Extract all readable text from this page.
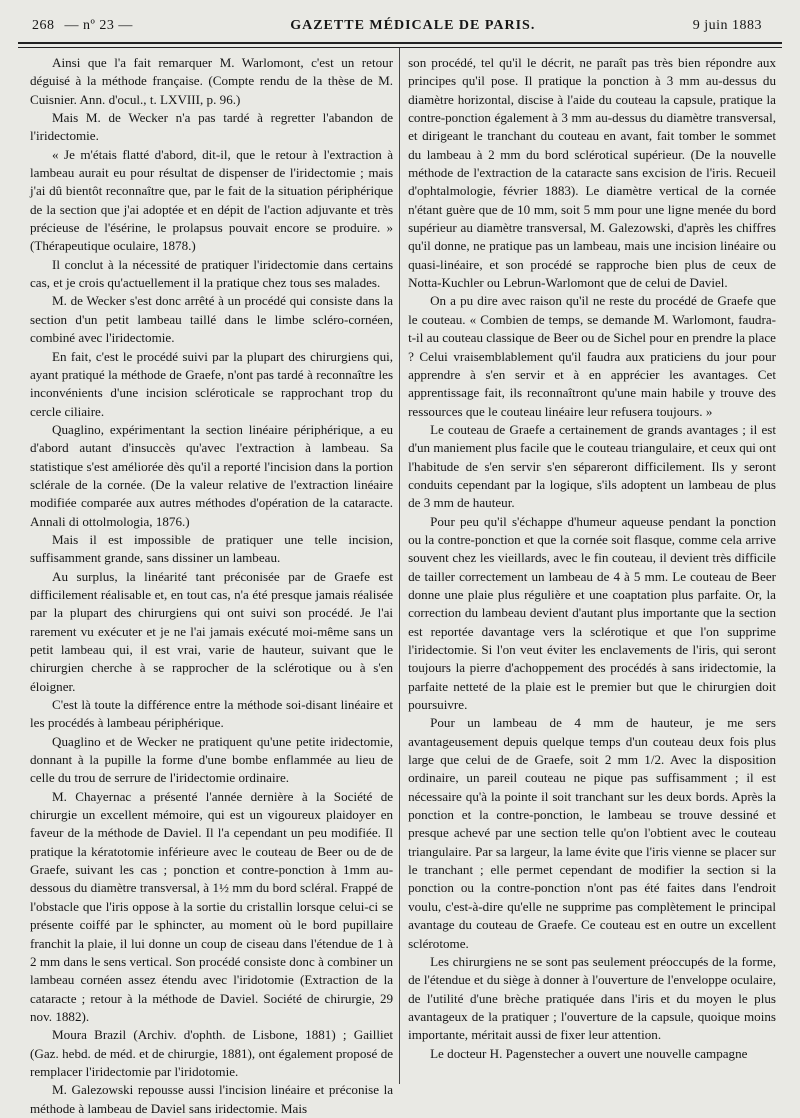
268 — nº 23 —	GAZETTE MÉDICALE DE PARIS.	9 juin 1883

Ainsi que l'a fait remarquer M. Warlomont, c'est un retour déguisé à la méthode française. (Compte rendu de la thèse de M. Cuisnier. Ann. d'ocul., t. LXVIII, p. 96.)

Mais M. de Wecker n'a pas tardé à regretter l'abandon de l'iridectomie.

« Je m'étais flatté d'abord, dit-il, que le retour à l'extraction à lambeau aurait eu pour résultat de dispenser de l'iridectomie ; mais j'ai dû bientôt reconnaître que, par le fait de la situation périphérique de la section que j'ai adoptée et en dépit de l'action adjuvante et très précieuse de l'ésérine, le prolapsus pouvait encore se produire. » (Thérapeutique oculaire, 1878.)

Il conclut à la nécessité de pratiquer l'iridectomie dans certains cas, et je crois qu'actuellement il la pratique chez tous ses malades.

M. de Wecker s'est donc arrêté à un procédé qui consiste dans la section d'un petit lambeau taillé dans le limbe scléro-cornéen, combiné avec l'iridectomie.

En fait, c'est le procédé suivi par la plupart des chirurgiens qui, ayant pratiqué la méthode de Graefe, n'ont pas tardé à reconnaître les inconvénients d'une incision scléroticale se rapprochant trop du cercle ciliaire.

Quaglino, expérimentant la section linéaire périphérique, a eu d'abord autant d'insuccès qu'avec l'extraction à lambeau. Sa statistique s'est améliorée dès qu'il a reporté l'incision dans la portion sclérale de la cornée. (De la valeur relative de l'extraction linéaire modifiée comparée aux autres méthodes d'opération de la cataracte. Annali di ottolmologia, 1876.)

Mais il est impossible de pratiquer une telle incision, suffisamment grande, sans dissiner un lambeau.

Au surplus, la linéarité tant préconisée par de Graefe est difficilement réalisable et, en tout cas, n'a été presque jamais réalisée par la plupart des chirurgiens qui ont suivi son procédé. Je l'ai rarement vu exécuter et je ne l'ai jamais exécuté moi-même sans un petit lambeau qui, il est vrai, varie de hauteur, suivant que le chirurgien cherche à se rapprocher de la sclérotique ou à s'en éloigner.

C'est là toute la différence entre la méthode soi-disant linéaire et les procédés à lambeau périphérique.

Quaglino et de Wecker ne pratiquent qu'une petite iridectomie, donnant à la pupille la forme d'une bombe enflammée au lieu de celle du trou de serrure de l'iridectomie ordinaire.

M. Chayernac a présenté l'année dernière à la Société de chirurgie un excellent mémoire, qui est un vigoureux plaidoyer en faveur de la méthode de Daviel. Il l'a cependant un peu modifiée. Il pratique la kératotomie inférieure avec le couteau de Beer ou de de Graefe, suivant les cas ; ponction et contre-ponction à 1mm au-dessous du diamètre transversal, à 1½ mm du bord scléral. Frappé de l'obstacle que l'iris oppose à la sortie du cristallin lorsque celui-ci se présente coiffé par le sphincter, au moment où le bord pupillaire franchit la plaie, il lui donne un coup de ciseau dans l'étendue de 1 à 2 mm dans le sens vertical. Son procédé consiste donc à combiner un lambeau cornéen assez étendu avec l'iridotomie (Extraction de la cataracte ; retour à la méthode de Daviel. Société de chirurgie, 29 nov. 1882).

Moura Brazil (Archiv. d'ophth. de Lisbone, 1881) ; Gailliet (Gaz. hebd. de méd. et de chirurgie, 1881), ont également proposé de remplacer l'iridectomie par l'iridotomie.

M. Galezowski repousse aussi l'incision linéaire et préconise la méthode à lambeau de Daviel sans iridectomie. Mais

son procédé, tel qu'il le décrit, ne paraît pas très bien répondre aux principes qu'il pose. Il pratique la ponction à 3 mm au-dessus du diamètre horizontal, discise à l'aide du couteau la capsule, pratique la contre-ponction également à 3 mm au-dessus du diamètre transversal, et dirigeant le tranchant du couteau en avant, fait tomber le sommet du lambeau à 2 mm du bord sclérotical supérieur. (De la nouvelle méthode de l'extraction de la cataracte sans excision de l'iris. Recueil d'ophtalmologie, février 1883). Le diamètre vertical de la cornée n'étant guère que de 10 mm, soit 5 mm pour une ligne menée du bord supérieur au diamètre transversal, M. Galezowski, d'après les chiffres qu'il donne, ne pratique pas un lambeau, mais une incision linéaire ou quasi-linéaire, et son procédé se rapproche bien plus de ceux de Notta-Kuchler ou Lebrun-Warlomont que de celui de Daviel.

On a pu dire avec raison qu'il ne reste du procédé de Graefe que le couteau. « Combien de temps, se demande M. Warlomont, faudra-t-il au couteau classique de Beer ou de Sichel pour en prendre la place ? Celui vraisemblablement qu'il faudra aux praticiens du jour pour apprendre à s'en servir et à en apprécier les avantages. Cet apprentissage fait, ils reconnaîtront qu'une main habile y trouve des ressources que le couteau linéaire leur refusera toujours. »

Le couteau de Graefe a certainement de grands avantages ; il est d'un maniement plus facile que le couteau triangulaire, et ceux qui ont l'habitude de s'en servir s'en sépareront difficilement. Ils y seront conduits cependant par la logique, s'ils adoptent un lambeau de plus de 3 mm de hauteur.

Pour peu qu'il s'échappe d'humeur aqueuse pendant la ponction ou la contre-ponction et que la cornée soit flasque, comme cela arrive souvent chez les vieillards, avec le fin couteau, il devient très difficile de tailler correctement un lambeau de 4 à 5 mm. Le couteau de Beer donne une plaie plus régulière et une coaptation plus parfaite. Or, la correction du lambeau devient d'autant plus importante que la section est reportée davantage vers la sclérotique et que l'on supprime l'iridectomie. Si l'on veut éviter les enclavements de l'iris, qui seront toujours la pierre d'achoppement des procédés à sans iridectomie, la parfaite netteté de la plaie est le premier but que le chirurgien doit poursuivre.

Pour un lambeau de 4 mm de hauteur, je me sers avantageusement depuis quelque temps d'un couteau deux fois plus large que celui de de Graefe, soit 2 mm 1/2. Avec la disposition ordinaire, un pareil couteau ne pique pas suffisamment ; il est nécessaire qu'à la pointe il soit tranchant sur les deux bords. Après la ponction et la contre-ponction, le lambeau se trouve dessiné et presque achevé par une section telle qu'on l'obtient avec le couteau triangulaire. Par sa largeur, la lame évite que l'iris vienne se placer sur le tranchant ; elle permet cependant de modifier la section si la ponction ou la contre-ponction n'ont pas été faites dans l'endroit voulu, c'est-à-dire qu'elle ne supprime pas complètement le principal avantage du couteau de Graefe. Ce couteau est en outre un excellent sclérotome.

Les chirurgiens ne se sont pas seulement préoccupés de la forme, de l'étendue et du siège à donner à l'ouverture de l'enveloppe oculaire, de l'utilité d'une brèche pratiquée dans l'iris et du moyen le plus avantageux de la pratiquer ; l'ouverture de la capsule, quoique moins importante, méritait aussi de fixer leur attention.

Le docteur H. Pagenstecher a ouvert une nouvelle campagne
